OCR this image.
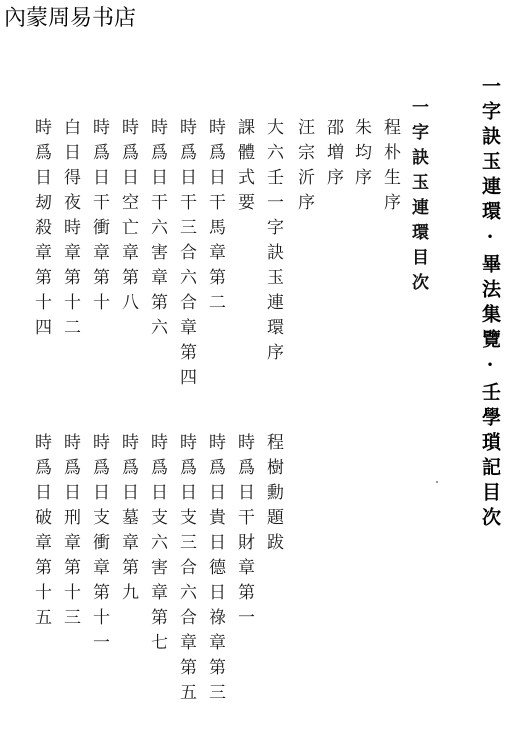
內蒙周易书店
一字訣玉連環·畢法集覽·壬學瑣記目次
一字訣玉連環目次
程朴生序
朱均序
邵増序
汪宗沂序
大六壬一字訣玉連環序
課體式要
時爲日干馬章第二
時爲日干三合六合章第四
時爲日干六害章第六
時爲日空亡章第八
時爲日干衝章第十
白日得夜時章第十二
時爲日刼殺章第十四
程樹勳題跋
時爲日干財章第一
時爲日貴日德日祿章第三
時爲日支三合六合章第五
時爲日支六害章第七
時爲日墓章第九
時爲日支衝章第十一
時爲日刑章第十三
時爲日破章第十五
